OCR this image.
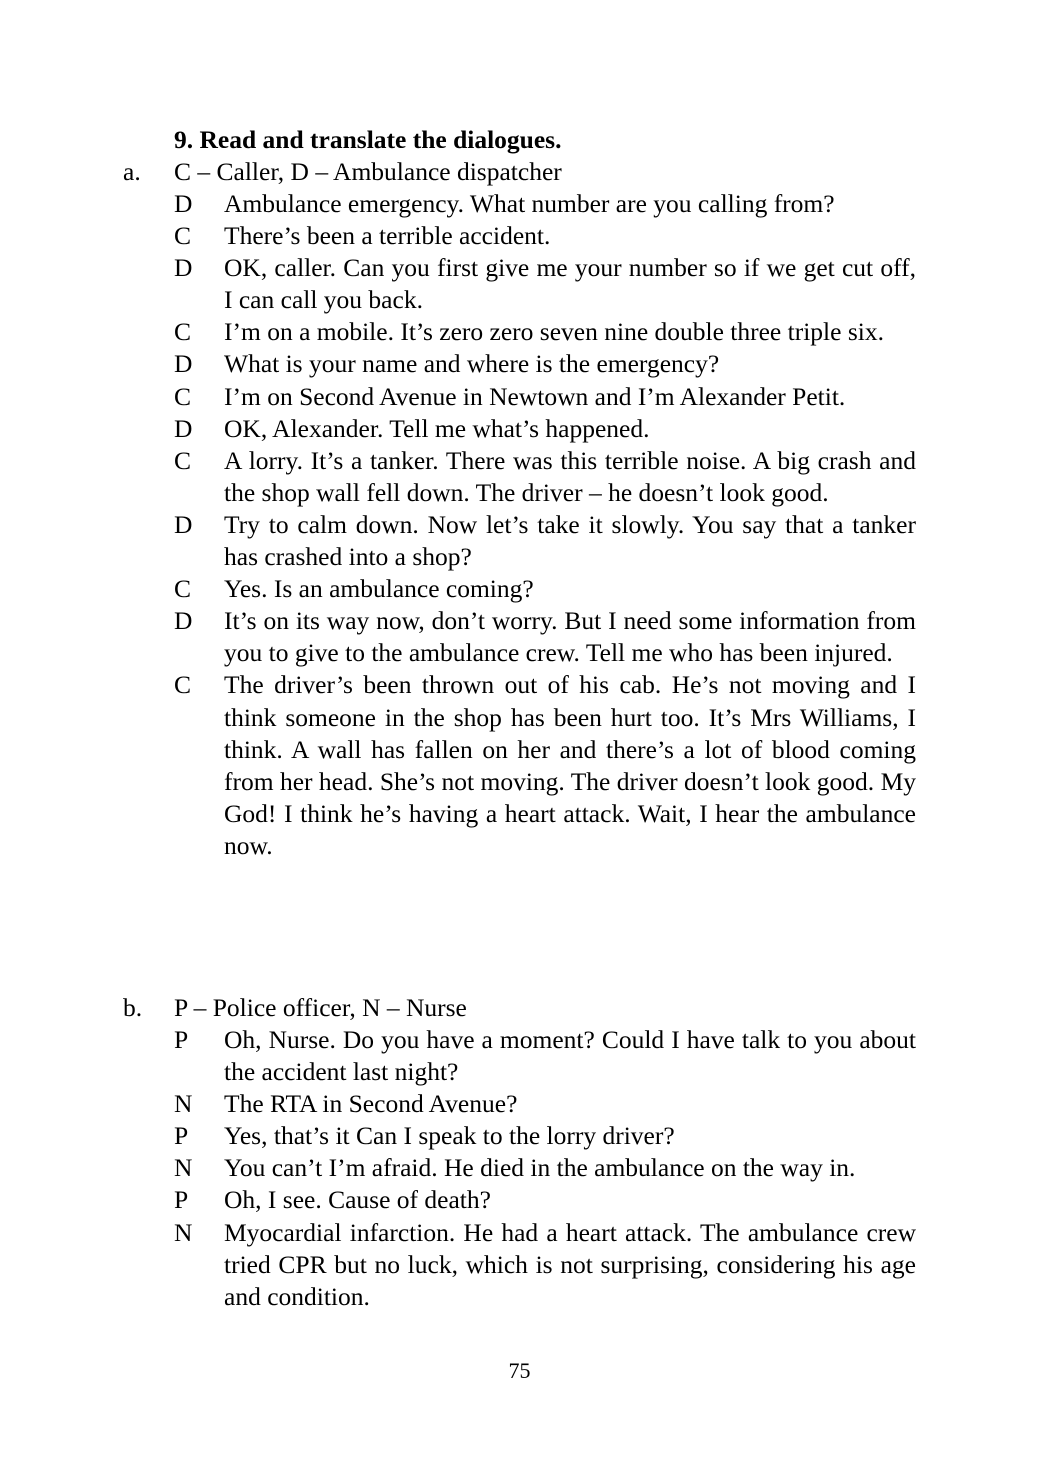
9. Read and translate the dialogues.
a. C – Caller, D – Ambulance dispatcher
D	Ambulance emergency. What number are you calling from?
C	There’s been a terrible accident.
D	OK, caller. Can you first give me your number so if we get cut off, I can call you back.
C	I’m on a mobile. It’s zero zero seven nine double three triple six.
D	What is your name and where is the emergency?
C	I’m on Second Avenue in Newtown and I’m Alexander Petit.
D	OK, Alexander. Tell me what’s happened.
C	A lorry. It’s a tanker. There was this terrible noise. A big crash and the shop wall fell down. The driver – he doesn’t look good.
D	Try to calm down. Now let’s take it slowly. You say that a tanker has crashed into a shop?
C	Yes. Is an ambulance coming?
D	It’s on its way now, don’t worry. But I need some information from you to give to the ambulance crew. Tell me who has been injured.
C	The driver’s been thrown out of his cab. He’s not moving and I think someone in the shop has been hurt too. It’s Mrs Williams, I think. A wall has fallen on her and there’s a lot of blood coming from her head. She’s not moving. The driver doesn’t look good. My God! I think he’s having a heart attack. Wait, I hear the ambulance now.
b. P – Police officer, N – Nurse
P	Oh, Nurse. Do you have a moment? Could I have talk to you about the accident last night?
N	The RTA in Second Avenue?
P	Yes, that’s it Can I speak to the lorry driver?
N	You can’t I’m afraid. He died in the ambulance on the way in.
P	Oh, I see. Cause of death?
N	Myocardial infarction. He had a heart attack. The ambulance crew tried CPR but no luck, which is not surprising, considering his age and condition.
75
